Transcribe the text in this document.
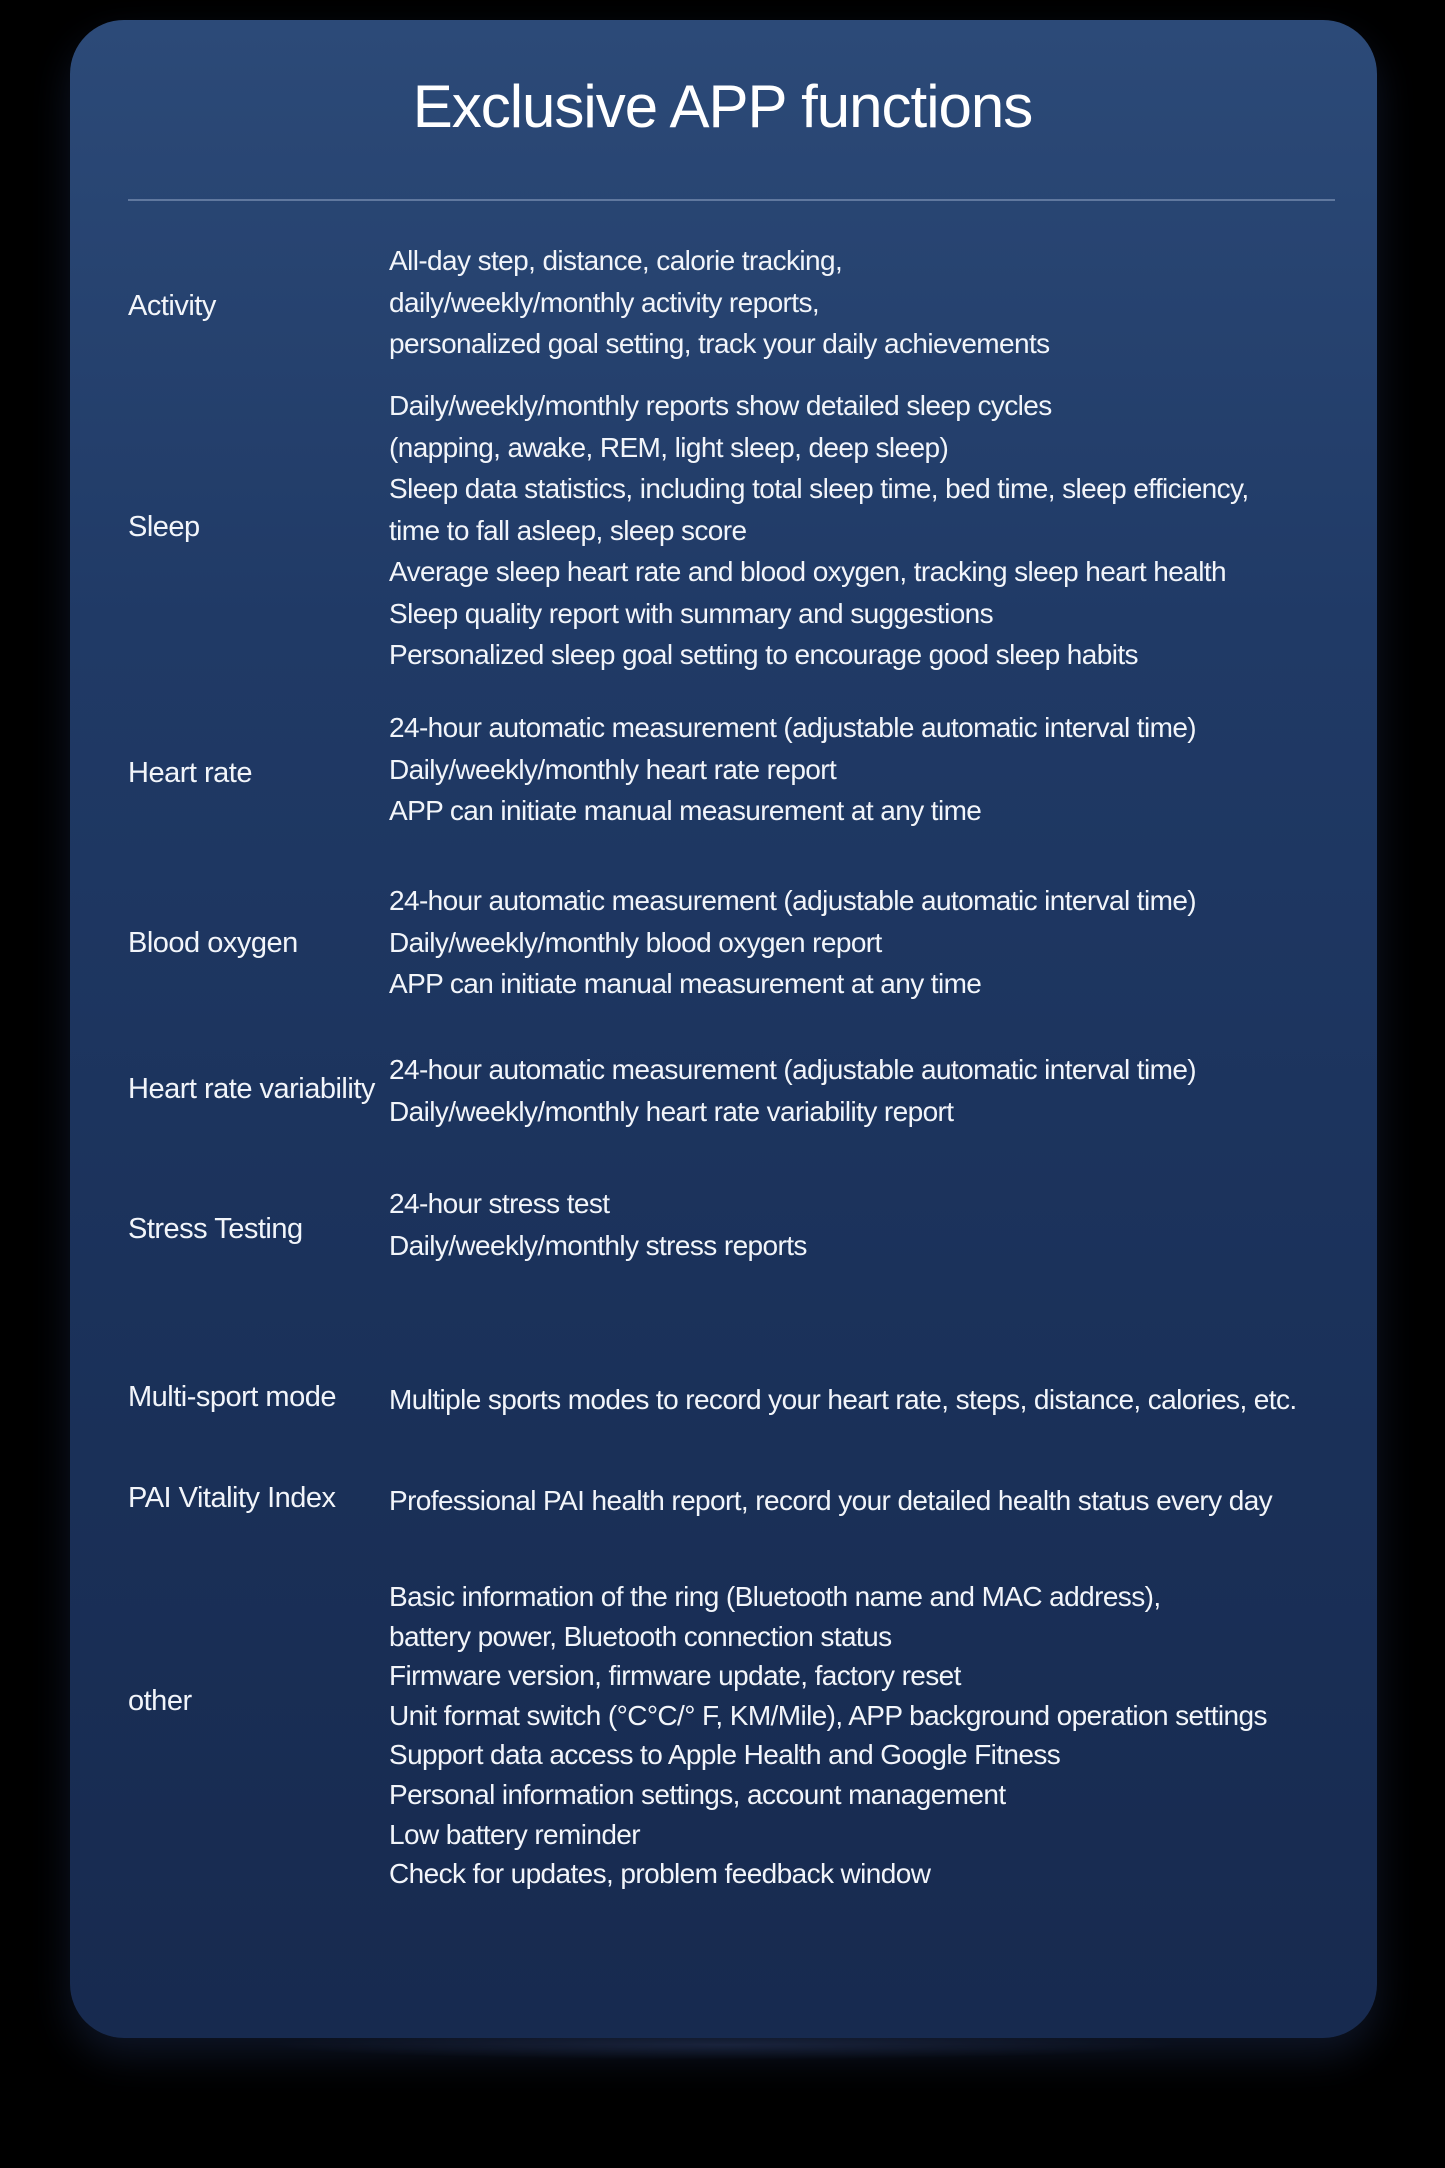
Exclusive APP functions
Activity
All-day step, distance, calorie tracking,
daily/weekly/monthly activity reports,
personalized goal setting, track your daily achievements
Sleep
Daily/weekly/monthly reports show detailed sleep cycles
(napping, awake, REM, light sleep, deep sleep)
Sleep data statistics, including total sleep time, bed time, sleep efficiency,
time to fall asleep, sleep score
Average sleep heart rate and blood oxygen, tracking sleep heart health
Sleep quality report with summary and suggestions
Personalized sleep goal setting to encourage good sleep habits
Heart rate
24-hour automatic measurement (adjustable automatic interval time)
Daily/weekly/monthly heart rate report
APP can initiate manual measurement at any time
Blood oxygen
24-hour automatic measurement (adjustable automatic interval time)
Daily/weekly/monthly blood oxygen report
APP can initiate manual measurement at any time
Heart rate variability
24-hour automatic measurement (adjustable automatic interval time)
Daily/weekly/monthly heart rate variability report
Stress Testing
24-hour stress test
Daily/weekly/monthly stress reports
Multi-sport mode Multiple sports modes to record your heart rate, steps, distance, calories, etc.
PAI Vitality Index Professional PAI health report, record your detailed health status every day
other
Basic information of the ring (Bluetooth name and MAC address),
battery power, Bluetooth connection status
Firmware version, firmware update, factory reset
Unit format switch (°C°C/° F, KM/Mile), APP background operation settings
Support data access to Apple Health and Google Fitness
Personal information settings, account management
Low battery reminder
Check for updates, problem feedback window
